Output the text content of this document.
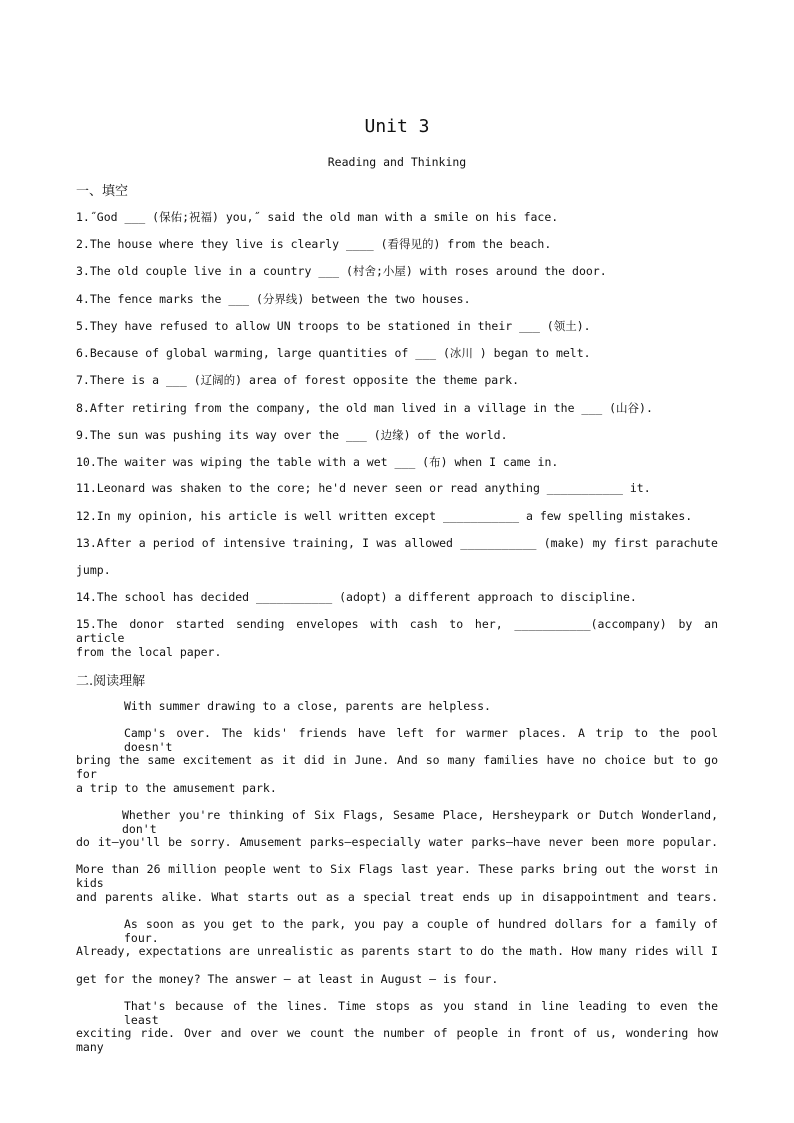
Unit 3
Reading and Thinking
一、填空
1.˝God ___ (保佑;祝福) you,˝ said the old man with a smile on his face.
2.The house where they live is clearly ____ (看得见的) from the beach.
3.The old couple live in a country ___ (村舍;小屋) with roses around the door.
4.The fence marks the ___ (分界线) between the two houses.
5.They have refused to allow UN troops to be stationed in their ___ (领土).
6.Because of global warming, large quantities of ___ (冰川 ) began to melt.
7.There is a ___ (辽阔的) area of forest opposite the theme park.
8.After retiring from the company, the old man lived in a village in the ___ (山谷).
9.The sun was pushing its way over the ___ (边缘) of the world.
10.The waiter was wiping the table with a wet ___ (布) when I came in.
11.Leonard was shaken to the core; he'd never seen or read anything ___________ it.
12.In my opinion, his article is well written except ___________ a few spelling mistakes.
13.After a period of intensive training, I was allowed ___________ (make) my first parachute
jump.
14.The school has decided ___________ (adopt) a different approach to discipline.
15.The donor started sending envelopes with cash to her, ___________(accompany) by an article
from the local paper.
二.阅读理解
With summer drawing to a close, parents are helpless.
Camp's over. The kids' friends have left for warmer places. A trip to the pool doesn't
bring the same excitement as it did in June. And so many families have no choice but to go for
a trip to the amusement park.
Whether you're thinking of Six Flags, Sesame Place, Hersheypark or Dutch Wonderland, don't
do it—you'll be sorry. Amusement parks—especially water parks—have never been more popular.
More than 26 million people went to Six Flags last year. These parks bring out the worst in kids
and parents alike. What starts out as a special treat ends up in disappointment and tears.
As soon as you get to the park, you pay a couple of hundred dollars for a family of four.
Already, expectations are unrealistic as parents start to do the math. How many rides will I
get for the money? The answer — at least in August — is four.
That's because of the lines. Time stops as you stand in line leading to even the least
exciting ride. Over and over we count the number of people in front of us, wondering how many
